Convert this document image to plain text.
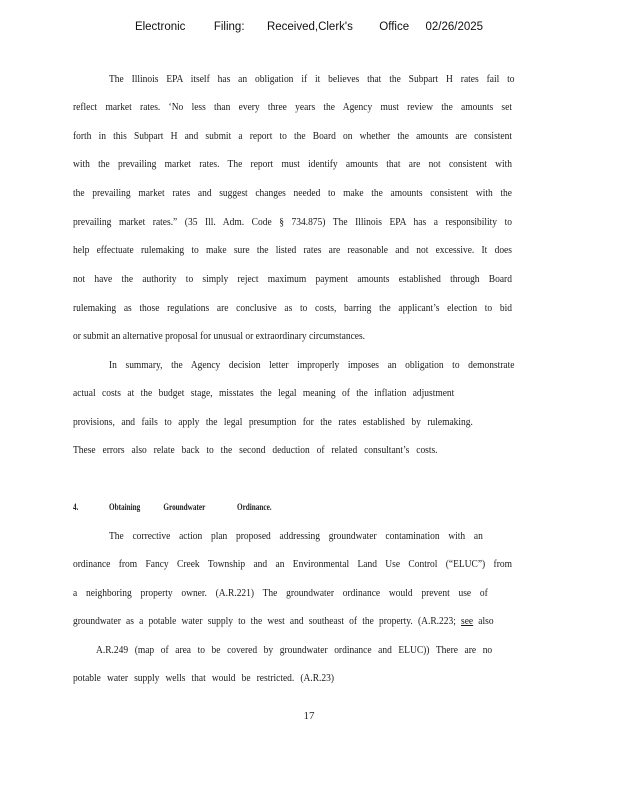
Electronic Filing: Received,Clerk's Office 02/26/2025
The Illinois EPA itself has an obligation if it believes that the Subpart H rates fail to
reflect market rates. ‘No less than every three years the Agency must review the amounts set
forth in this Subpart H and submit a report to the Board on whether the amounts are consistent
with the prevailing market rates. The report must identify amounts that are not consistent with
the prevailing market rates and suggest changes needed to make the amounts consistent with the
prevailing market rates.” (35 Ill. Adm. Code § 734.875) The Illinois EPA has a responsibility to
help effectuate rulemaking to make sure the listed rates are reasonable and not excessive. It does
not have the authority to simply reject maximum payment amounts established through Board
rulemaking as those regulations are conclusive as to costs, barring the applicant’s election to bid
or submit an alternative proposal for unusual or extraordinary circumstances.
In summary, the Agency decision letter improperly imposes an obligation to demonstrate
actual costs at the budget stage, misstates the legal meaning of the inflation adjustment
provisions, and fails to apply the legal presumption for the rates established by rulemaking.
These errors also relate back to the second deduction of related consultant’s costs.
4.	Obtaining	Groundwater	Ordinance.
The corrective action plan proposed addressing groundwater contamination with an
ordinance from Fancy Creek Township and an Environmental Land Use Control (“ELUC”) from
a neighboring property owner. (A.R.221) The groundwater ordinance would prevent use of
groundwater as a potable water supply to the west and southeast of the property. (A.R.223; see also
A.R.249 (map of area to be covered by groundwater ordinance and ELUC)) There are no
potable water supply wells that would be restricted. (A.R.23)
17
